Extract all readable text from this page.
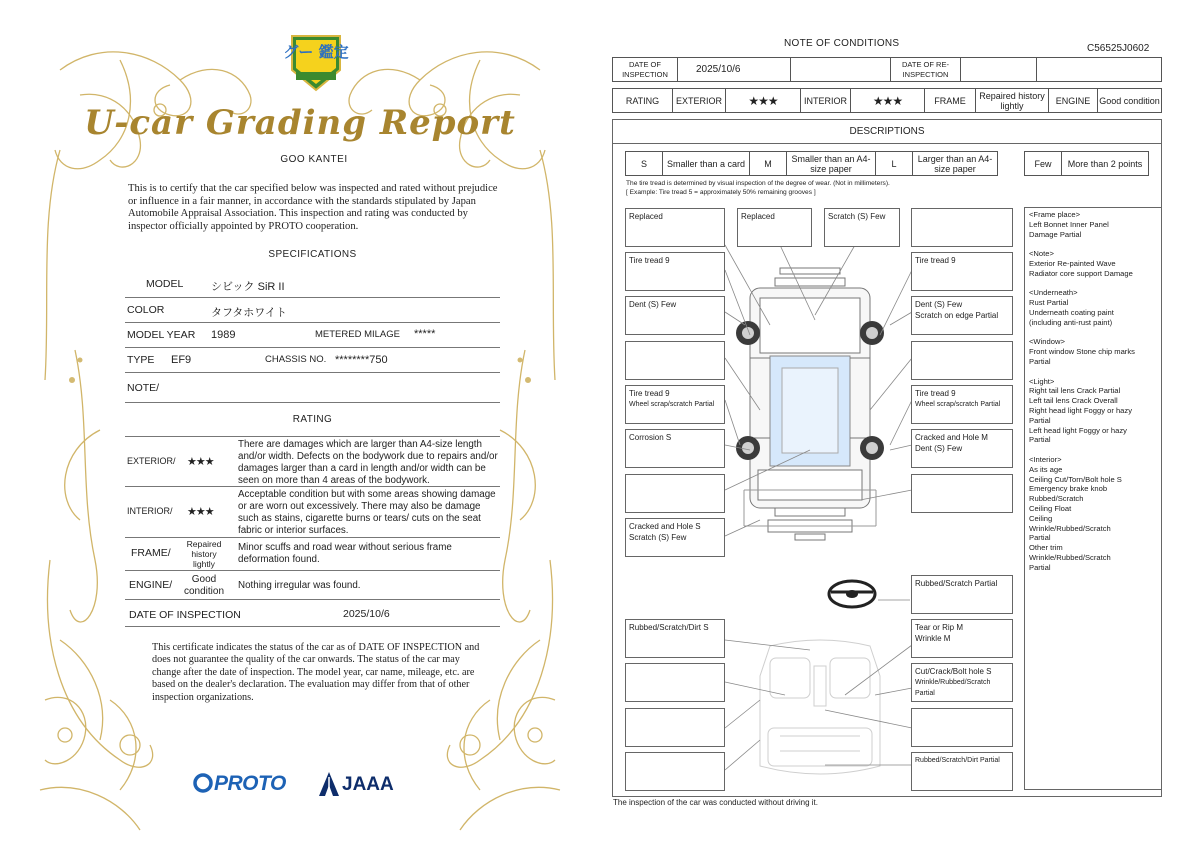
グー 鑑定
U-car Grading Report
GOO KANTEI
This is to certify that the car specified below was inspected and rated without prejudice or influence in a fair manner, in accordance with the standards stipulated by Japan Automobile Appraisal Association. This inspection and rating was conducted by inspector officially appointed by PROTO cooperation.
SPECIFICATIONS
MODEL	シビック SiR II
COLOR	タフタホワイト
MODEL YEAR 1989	METERED MILAGE *****
TYPE EF9	CHASSIS NO. ********750
NOTE/
RATING
EXTERIOR/ ★★★
There are damages which are larger than A4-size length and/or width. Defects on the bodywork due to repairs and/or damages larger than a card in length and/or width can be seen on more than 4 areas of the bodywork.
INTERIOR/ ★★★
Acceptable condition but with some areas showing damage or are worn out excessively. There may also be damage such as stains, cigarette burns or tears/ cuts on the seat fabric or interior surfaces.
FRAME/
Repaired history lightly
Minor scuffs and road wear without serious frame deformation found.
ENGINE/	Good condition	Nothing irregular was found.
DATE OF INSPECTION	2025/10/6
This certificate indicates the status of the car as of DATE OF INSPECTION and does not guarantee the quality of the car onwards. The status of the car may change after the date of inspection. The model year, car name, mileage, etc. are based on the dealer's declaration. The evaluation may differ from that of other inspection organizations.
PROTO	JAAA
NOTE OF CONDITIONS	C56525J0602
DATE OF INSPECTION	2025/10/6	DATE OF RE-INSPECTION
RATING	EXTERIOR	★★★	INTERIOR	★★★	FRAME	Repaired history lightly	ENGINE Good condition
DESCRIPTIONS
S	Smaller than a card	M	Smaller than an A4-size paper	L	Larger than an A4-size paper	Few	More than 2 points
The tire tread is determined by visual inspection of the degree of wear. (Not in millimeters).
[ Example: Tire tread 5 = approximately 50% remaining grooves ]
Replaced	Replaced	Scratch (S) Few
Tire tread 9	Tire tread 9
Dent (S) Few	Dent (S) Few
Scratch on edge Partial
Tire tread 9
Wheel scrap/scratch Partial
Tire tread 9
Wheel scrap/scratch Partial
Corrosion S	Cracked and Hole M
Dent (S) Few
Cracked and Hole S
Scratch (S) Few
Rubbed/Scratch Partial
Rubbed/Scratch/Dirt S	Tear or Rip M
Wrinkle M
Cut/Crack/Bolt hole S
Wrinkle/Rubbed/Scratch Partial
Rubbed/Scratch/Dirt Partial

<Frame place>
Left Bonnet Inner Panel
Damage Partial

<Note>
Exterior Re-painted Wave
Radiator core support Damage

<Underneath>
Rust Partial
Underneath coating paint
(including anti-rust paint)

<Window>
Front window Stone chip marks
Partial

<Light>
Right tail lens Crack Partial
Left tail lens Crack Overall
Right head light Foggy or hazy
Partial
Left head light Foggy or hazy
Partial

<Interior>
As its age
Ceiling Cut/Torn/Bolt hole S
Emergency brake knob
Rubbed/Scratch
Ceiling Float
Ceiling
Wrinkle/Rubbed/Scratch
Partial
Other trim
Wrinkle/Rubbed/Scratch
Partial

The inspection of the car was conducted without driving it.
